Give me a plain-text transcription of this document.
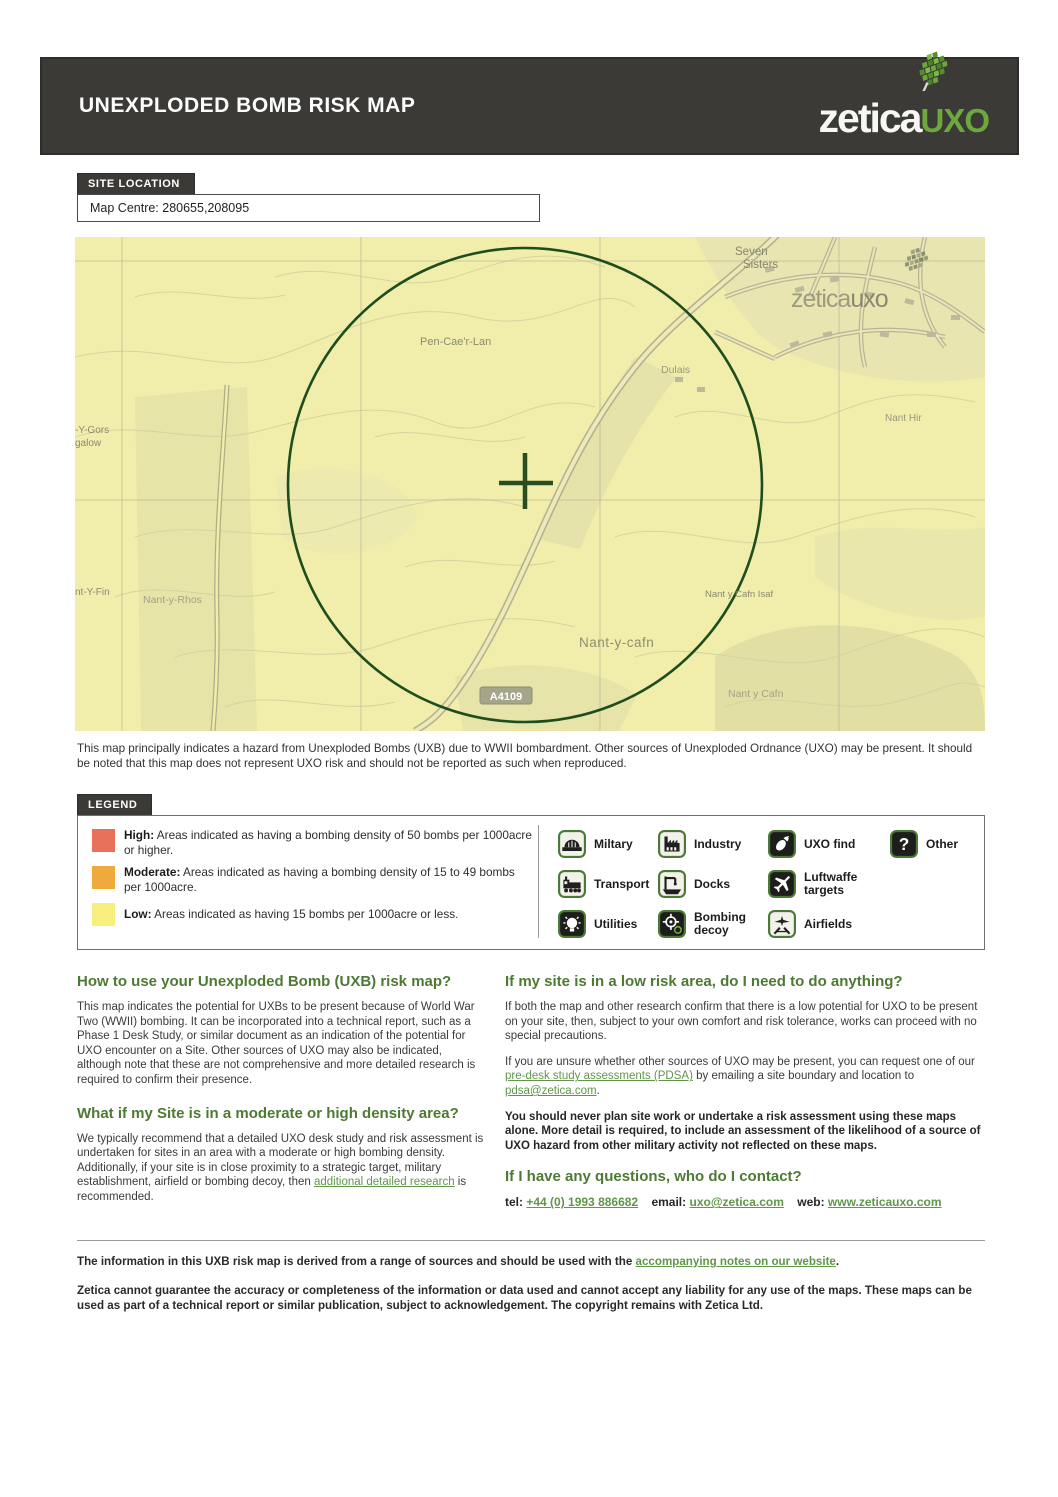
UNEXPLODED BOMB RISK MAP	zetica UXO
SITE LOCATION
Map Centre: 280655,208095
zeticauxo
Seven
Sisters
Pen-Cae'r-Lan
Dulais
Nant Hir
-Y-Gors
galow
nt-Y-Fin
Nant-y-Rhos
Nant-y-cafn
Nant y Cafn Isaf
Nant y Cafn
A4109
This map principally indicates a hazard from Unexploded Bombs (UXB) due to WWII bombardment. Other sources of Unexploded Ordnance (UXO) may be present. It should be noted that this map does not represent UXO risk and should not be reported as such when reproduced.
LEGEND
High: Areas indicated as having a bombing density of 50 bombs per 1000acre or higher.
Moderate: Areas indicated as having a bombing density of 15 to 49 bombs per 1000acre.
Low: Areas indicated as having 15 bombs per 1000acre or less.
Miltary	Industry	UXO find	? Other
Transport	Docks	Luftwaffe targets
Utilities	Bombing decoy	Airfields
How to use your Unexploded Bomb (UXB) risk map?

This map indicates the potential for UXBs to be present because of World War Two (WWII) bombing. It can be incorporated into a technical report, such as a Phase 1 Desk Study, or similar document as an indication of the potential for UXO encounter on a Site. Other sources of UXO may also be indicated, although note that these are not comprehensive and more detailed research is required to confirm their presence.

What if my Site is in a moderate or high density area?

We typically recommend that a detailed UXO desk study and risk assessment is undertaken for sites in an area with a moderate or high bombing density.
Additionally, if your site is in close proximity to a strategic target, military establishment, airfield or bombing decoy, then additional detailed research is recommended.

If my site is in a low risk area, do I need to do anything?

If both the map and other research confirm that there is a low potential for UXO to be present on your site, then, subject to your own comfort and risk tolerance, works can proceed with no special precautions.

If you are unsure whether other sources of UXO may be present, you can request one of our pre-desk study assessments (PDSA) by emailing a site boundary and location to pdsa@zetica.com.

You should never plan site work or undertake a risk assessment using these maps alone. More detail is required, to include an assessment of the likelihood of a source of UXO hazard from other military activity not reflected on these maps.

If I have any questions, who do I contact?
tel: +44 (0) 1993 886682 email: uxo@zetica.com web: www.zeticauxo.com

The information in this UXB risk map is derived from a range of sources and should be used with the accompanying notes on our website.

Zetica cannot guarantee the accuracy or completeness of the information or data used and cannot accept any liability for any use of the maps. These maps can be used as part of a technical report or similar publication, subject to acknowledgement. The copyright remains with Zetica Ltd.
